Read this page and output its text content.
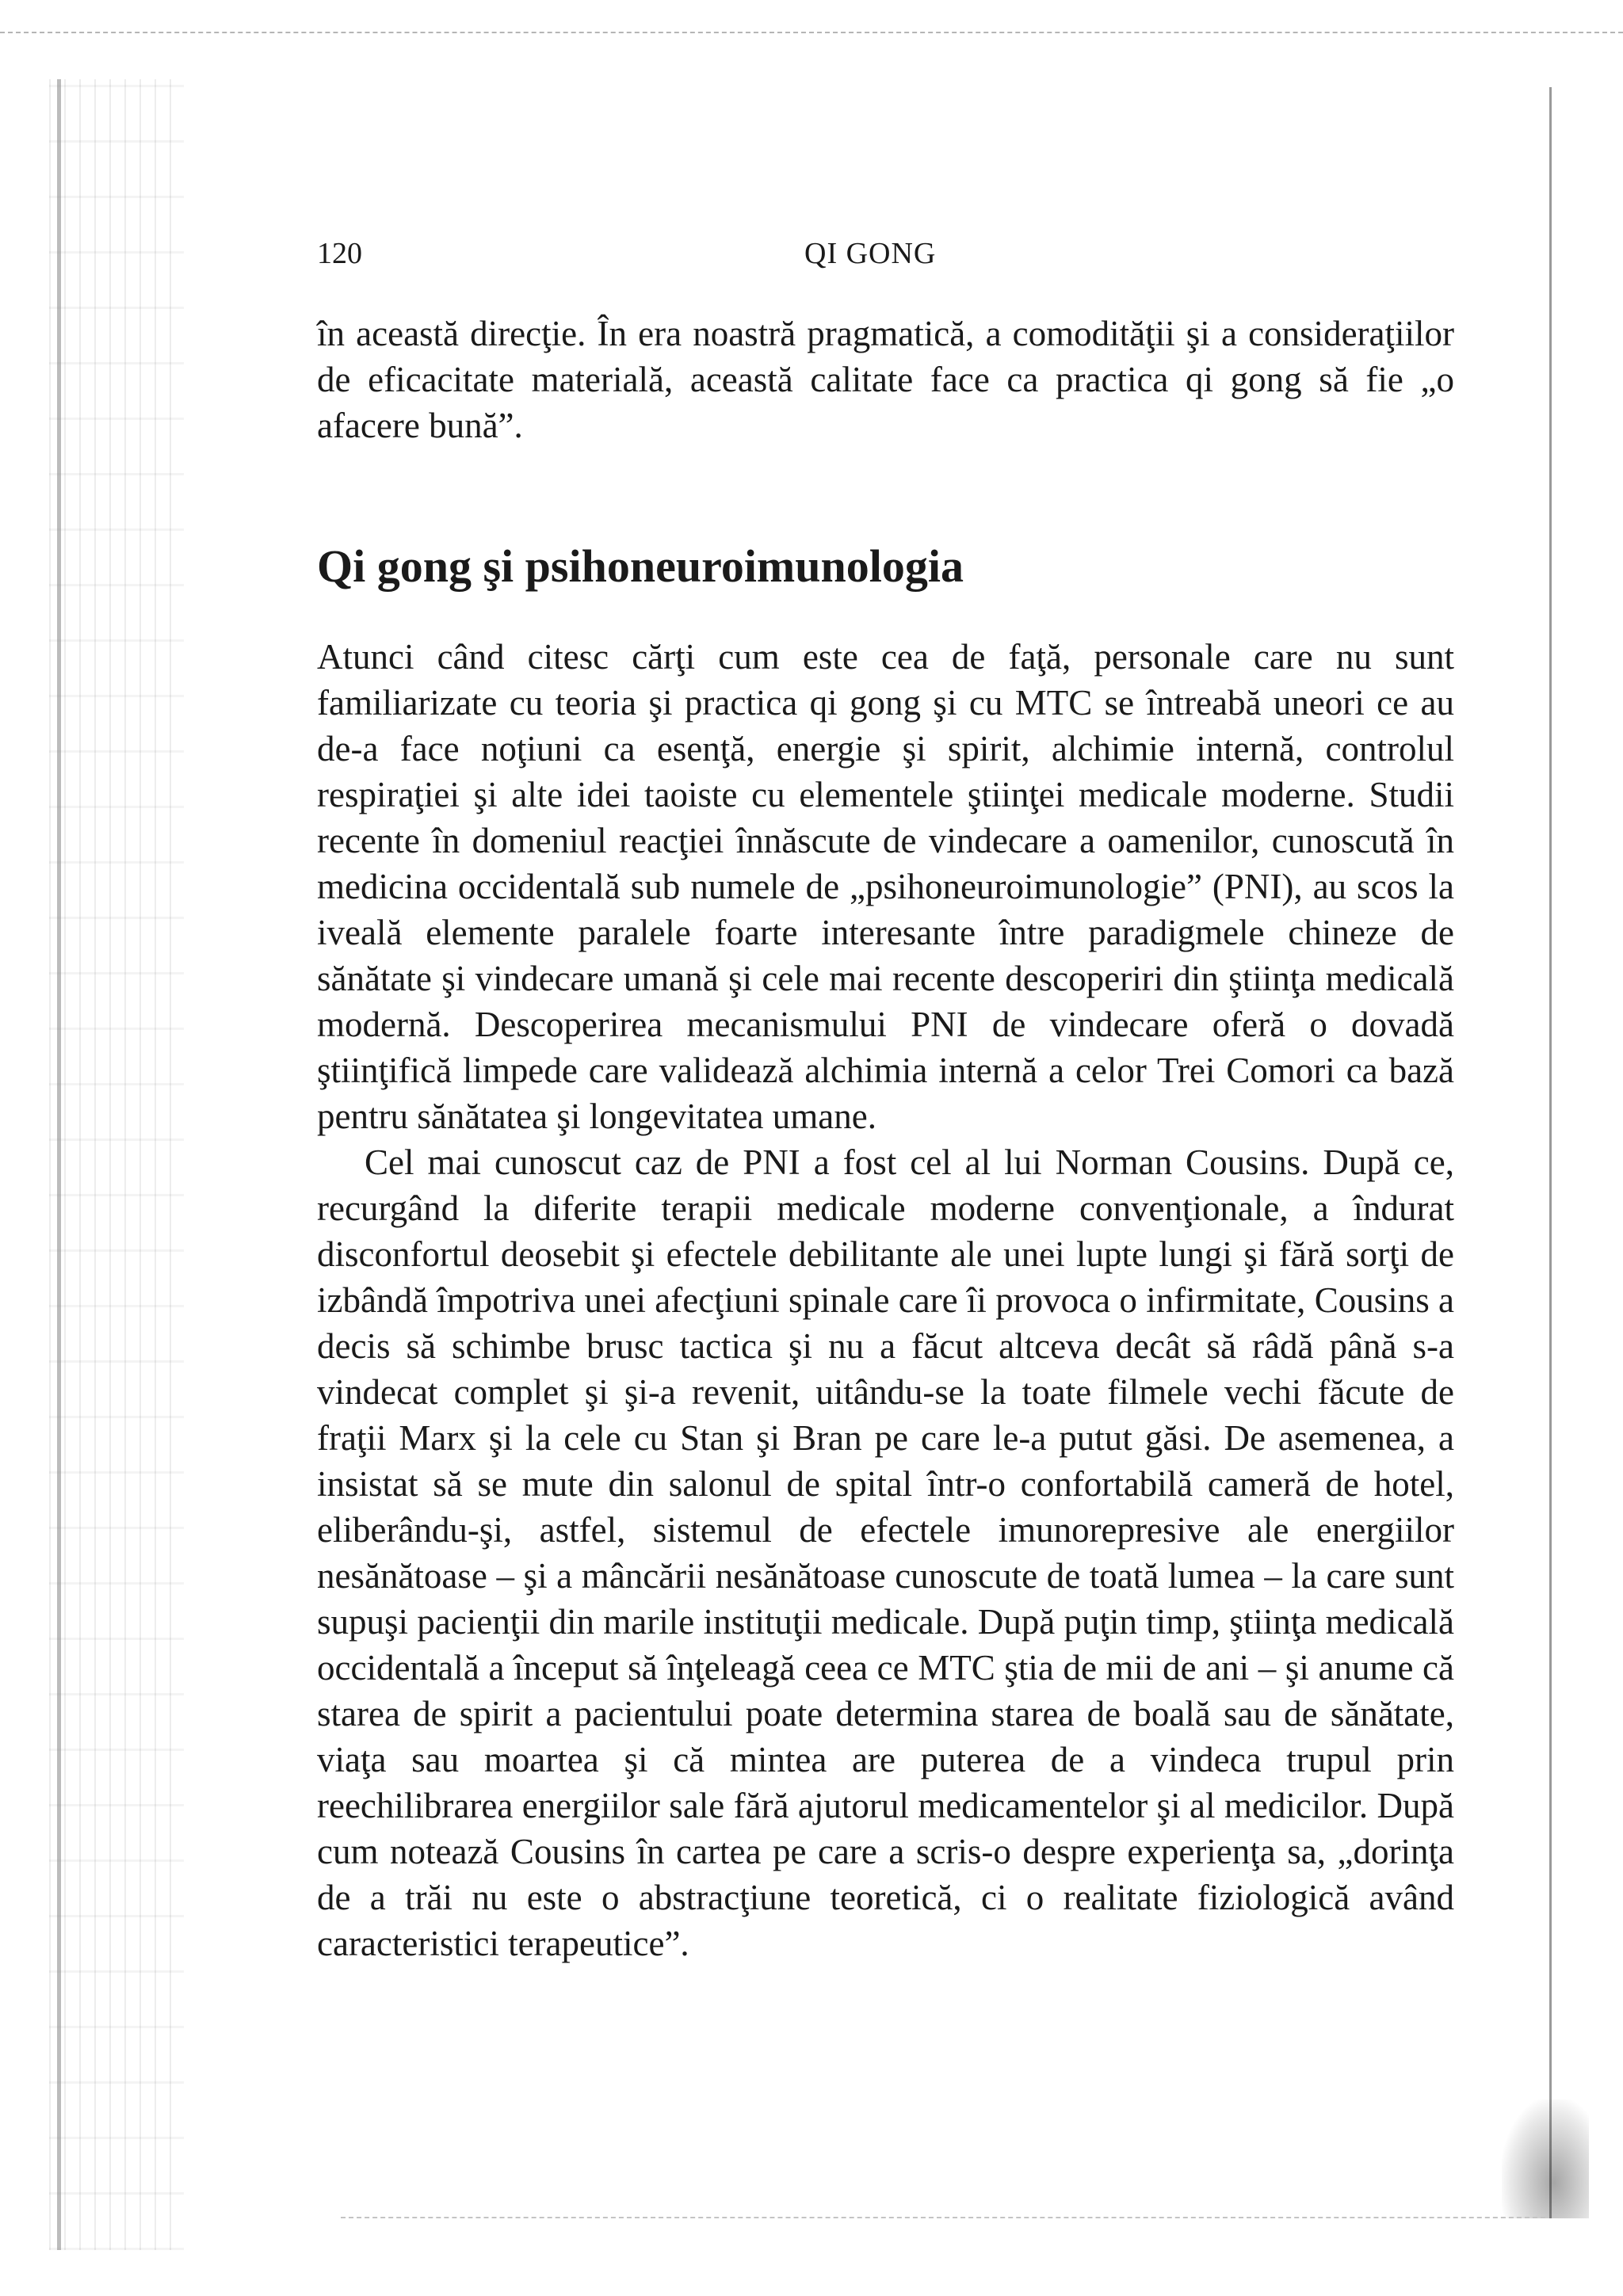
120	QI GONG

în această direcţie. În era noastră pragmatică, a comodităţii şi a consideraţiilor de eficacitate materială, această calitate face ca practica qi gong să fie „o afacere bună”.

Qi gong şi psihoneuroimunologia

Atunci când citesc cărţi cum este cea de faţă, personale care nu sunt familiarizate cu teoria şi practica qi gong şi cu MTC se întreabă uneori ce au de-a face noţiuni ca esenţă, energie şi spirit, alchimie internă, controlul respiraţiei şi alte idei taoiste cu elementele ştiinţei medicale moderne. Studii recente în domeniul reacţiei înnăscute de vindecare a oamenilor, cunoscută în medicina occidentală sub numele de „psihoneuroimunologie” (PNI), au scos la iveală elemente paralele foarte interesante între paradigmele chineze de sănătate şi vindecare umană şi cele mai recente descoperiri din ştiinţa medicală modernă. Descoperirea mecanismului PNI de vindecare oferă o dovadă ştiinţifică limpede care validează alchimia internă a celor Trei Comori ca bază pentru sănătatea şi longevitatea umane.

Cel mai cunoscut caz de PNI a fost cel al lui Norman Cousins. După ce, recurgând la diferite terapii medicale moderne convenţionale, a îndurat disconfortul deosebit şi efectele debilitante ale unei lupte lungi şi fără sorţi de izbândă împotriva unei afecţiuni spinale care îi provoca o infirmitate, Cousins a decis să schimbe brusc tactica şi nu a făcut altceva decât să râdă până s-a vindecat complet şi şi-a revenit, uitându-se la toate filmele vechi făcute de fraţii Marx şi la cele cu Stan şi Bran pe care le-a putut găsi. De asemenea, a insistat să se mute din salonul de spital într-o confortabilă cameră de hotel, eliberându-şi, astfel, sistemul de efectele imunorepresive ale energiilor nesănătoase – şi a mâncării nesănătoase cunoscute de toată lumea – la care sunt supuşi pacienţii din marile instituţii medicale. După puţin timp, ştiinţa medicală occidentală a început să înţeleagă ceea ce MTC ştia de mii de ani – şi anume că starea de spirit a pacientului poate determina starea de boală sau de sănătate, viaţa sau moartea şi că mintea are puterea de a vindeca trupul prin reechilibrarea energiilor sale fără ajutorul medicamentelor şi al medicilor. După cum notează Cousins în cartea pe care a scris-o despre experienţa sa, „dorinţa de a trăi nu este o abstracţiune teoretică, ci o realitate fiziologică având caracteristici terapeutice”.
